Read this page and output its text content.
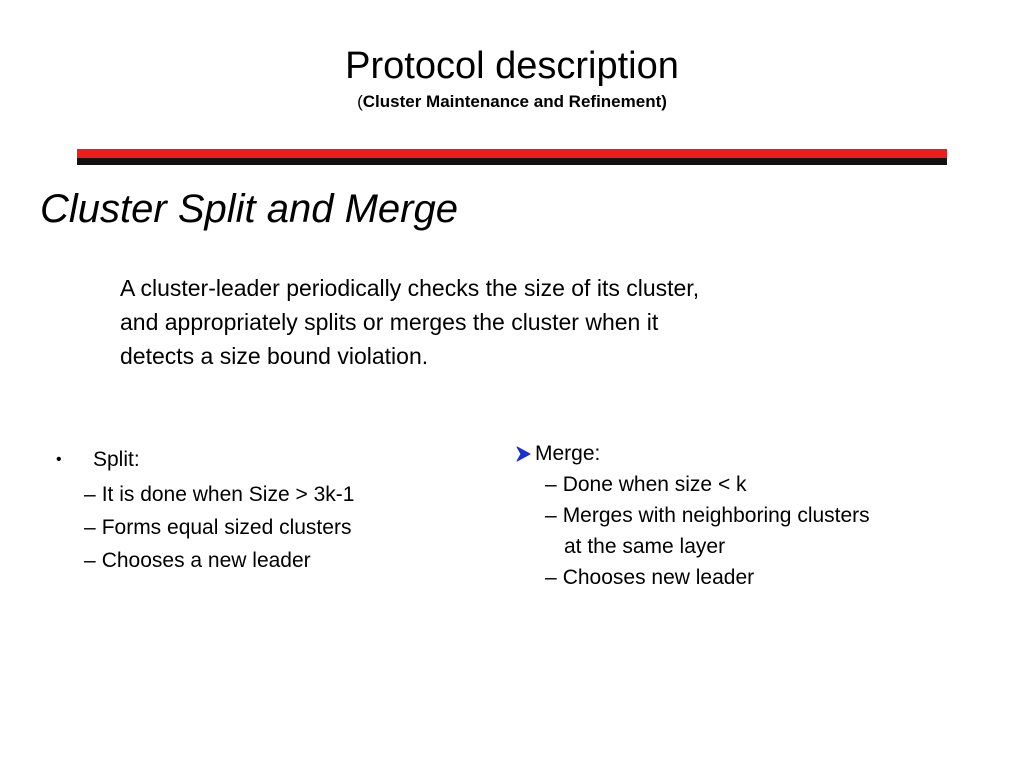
Protocol description
(Cluster Maintenance and Refinement)
Cluster Split and Merge
A cluster-leader periodically checks the size of its cluster,
and appropriately splits or merges the cluster when it
detects a size bound violation.
• Split:
– It is done when Size > 3k-1
– Forms equal sized clusters
– Chooses a new leader
Merge:
– Done when size < k
– Merges with neighboring clusters
at the same layer
– Chooses new leader
